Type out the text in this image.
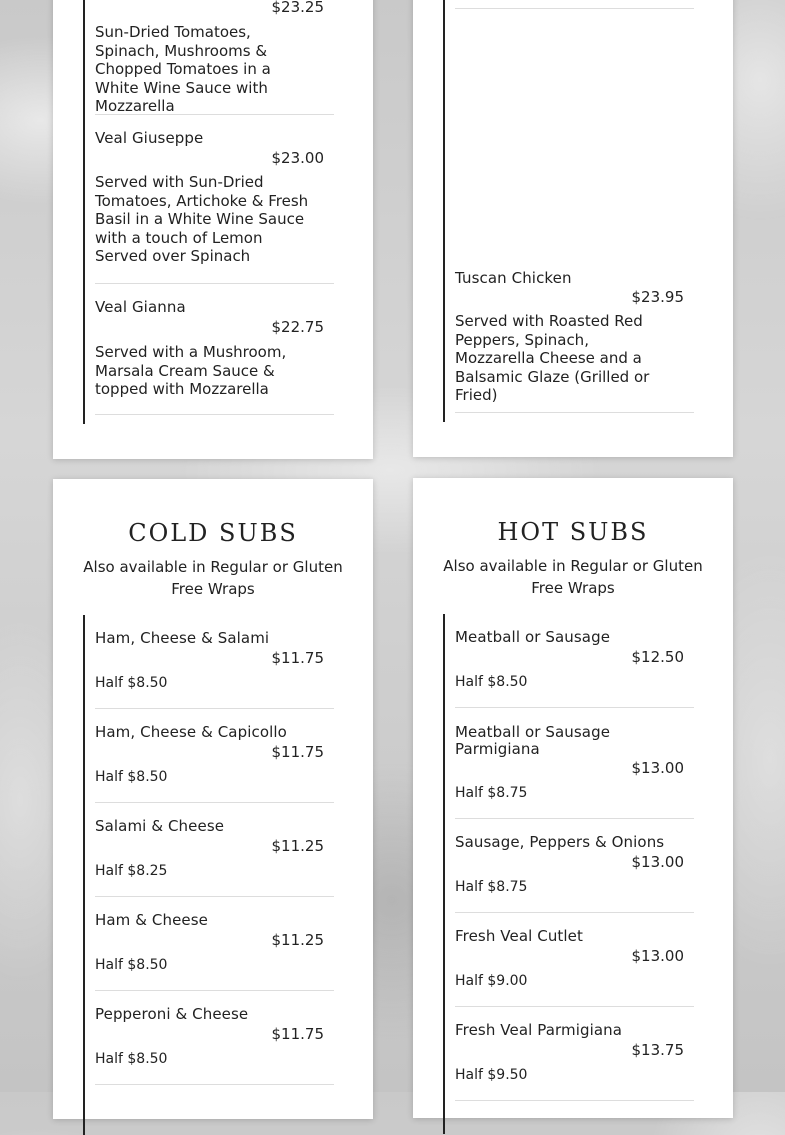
$23.25
Sun-Dried Tomatoes, Spinach, Mushrooms & Chopped Tomatoes in a White Wine Sauce with Mozzarella
Veal Giuseppe
$23.00
Served with Sun-Dried Tomatoes, Artichoke & Fresh Basil in a White Wine Sauce with a touch of Lemon Served over Spinach
Veal Gianna
$22.75
Served with a Mushroom, Marsala Cream Sauce & topped with Mozzarella
Tuscan Chicken
$23.95
Served with Roasted Red Peppers, Spinach, Mozzarella Cheese and a Balsamic Glaze (Grilled or Fried)
COLD SUBS
Also available in Regular or Gluten Free Wraps
Ham, Cheese & Salami
$11.75
Half $8.50
Ham, Cheese & Capicollo
$11.75
Half $8.50
Salami & Cheese
$11.25
Half $8.25
Ham & Cheese
$11.25
Half $8.50
Pepperoni & Cheese
$11.75
Half $8.50
HOT SUBS
Also available in Regular or Gluten Free Wraps
Meatball or Sausage
$12.50
Half $8.50
Meatball or Sausage Parmigiana
$13.00
Half $8.75
Sausage, Peppers & Onions
$13.00
Half $8.75
Fresh Veal Cutlet
$13.00
Half $9.00
Fresh Veal Parmigiana
$13.75
Half $9.50
